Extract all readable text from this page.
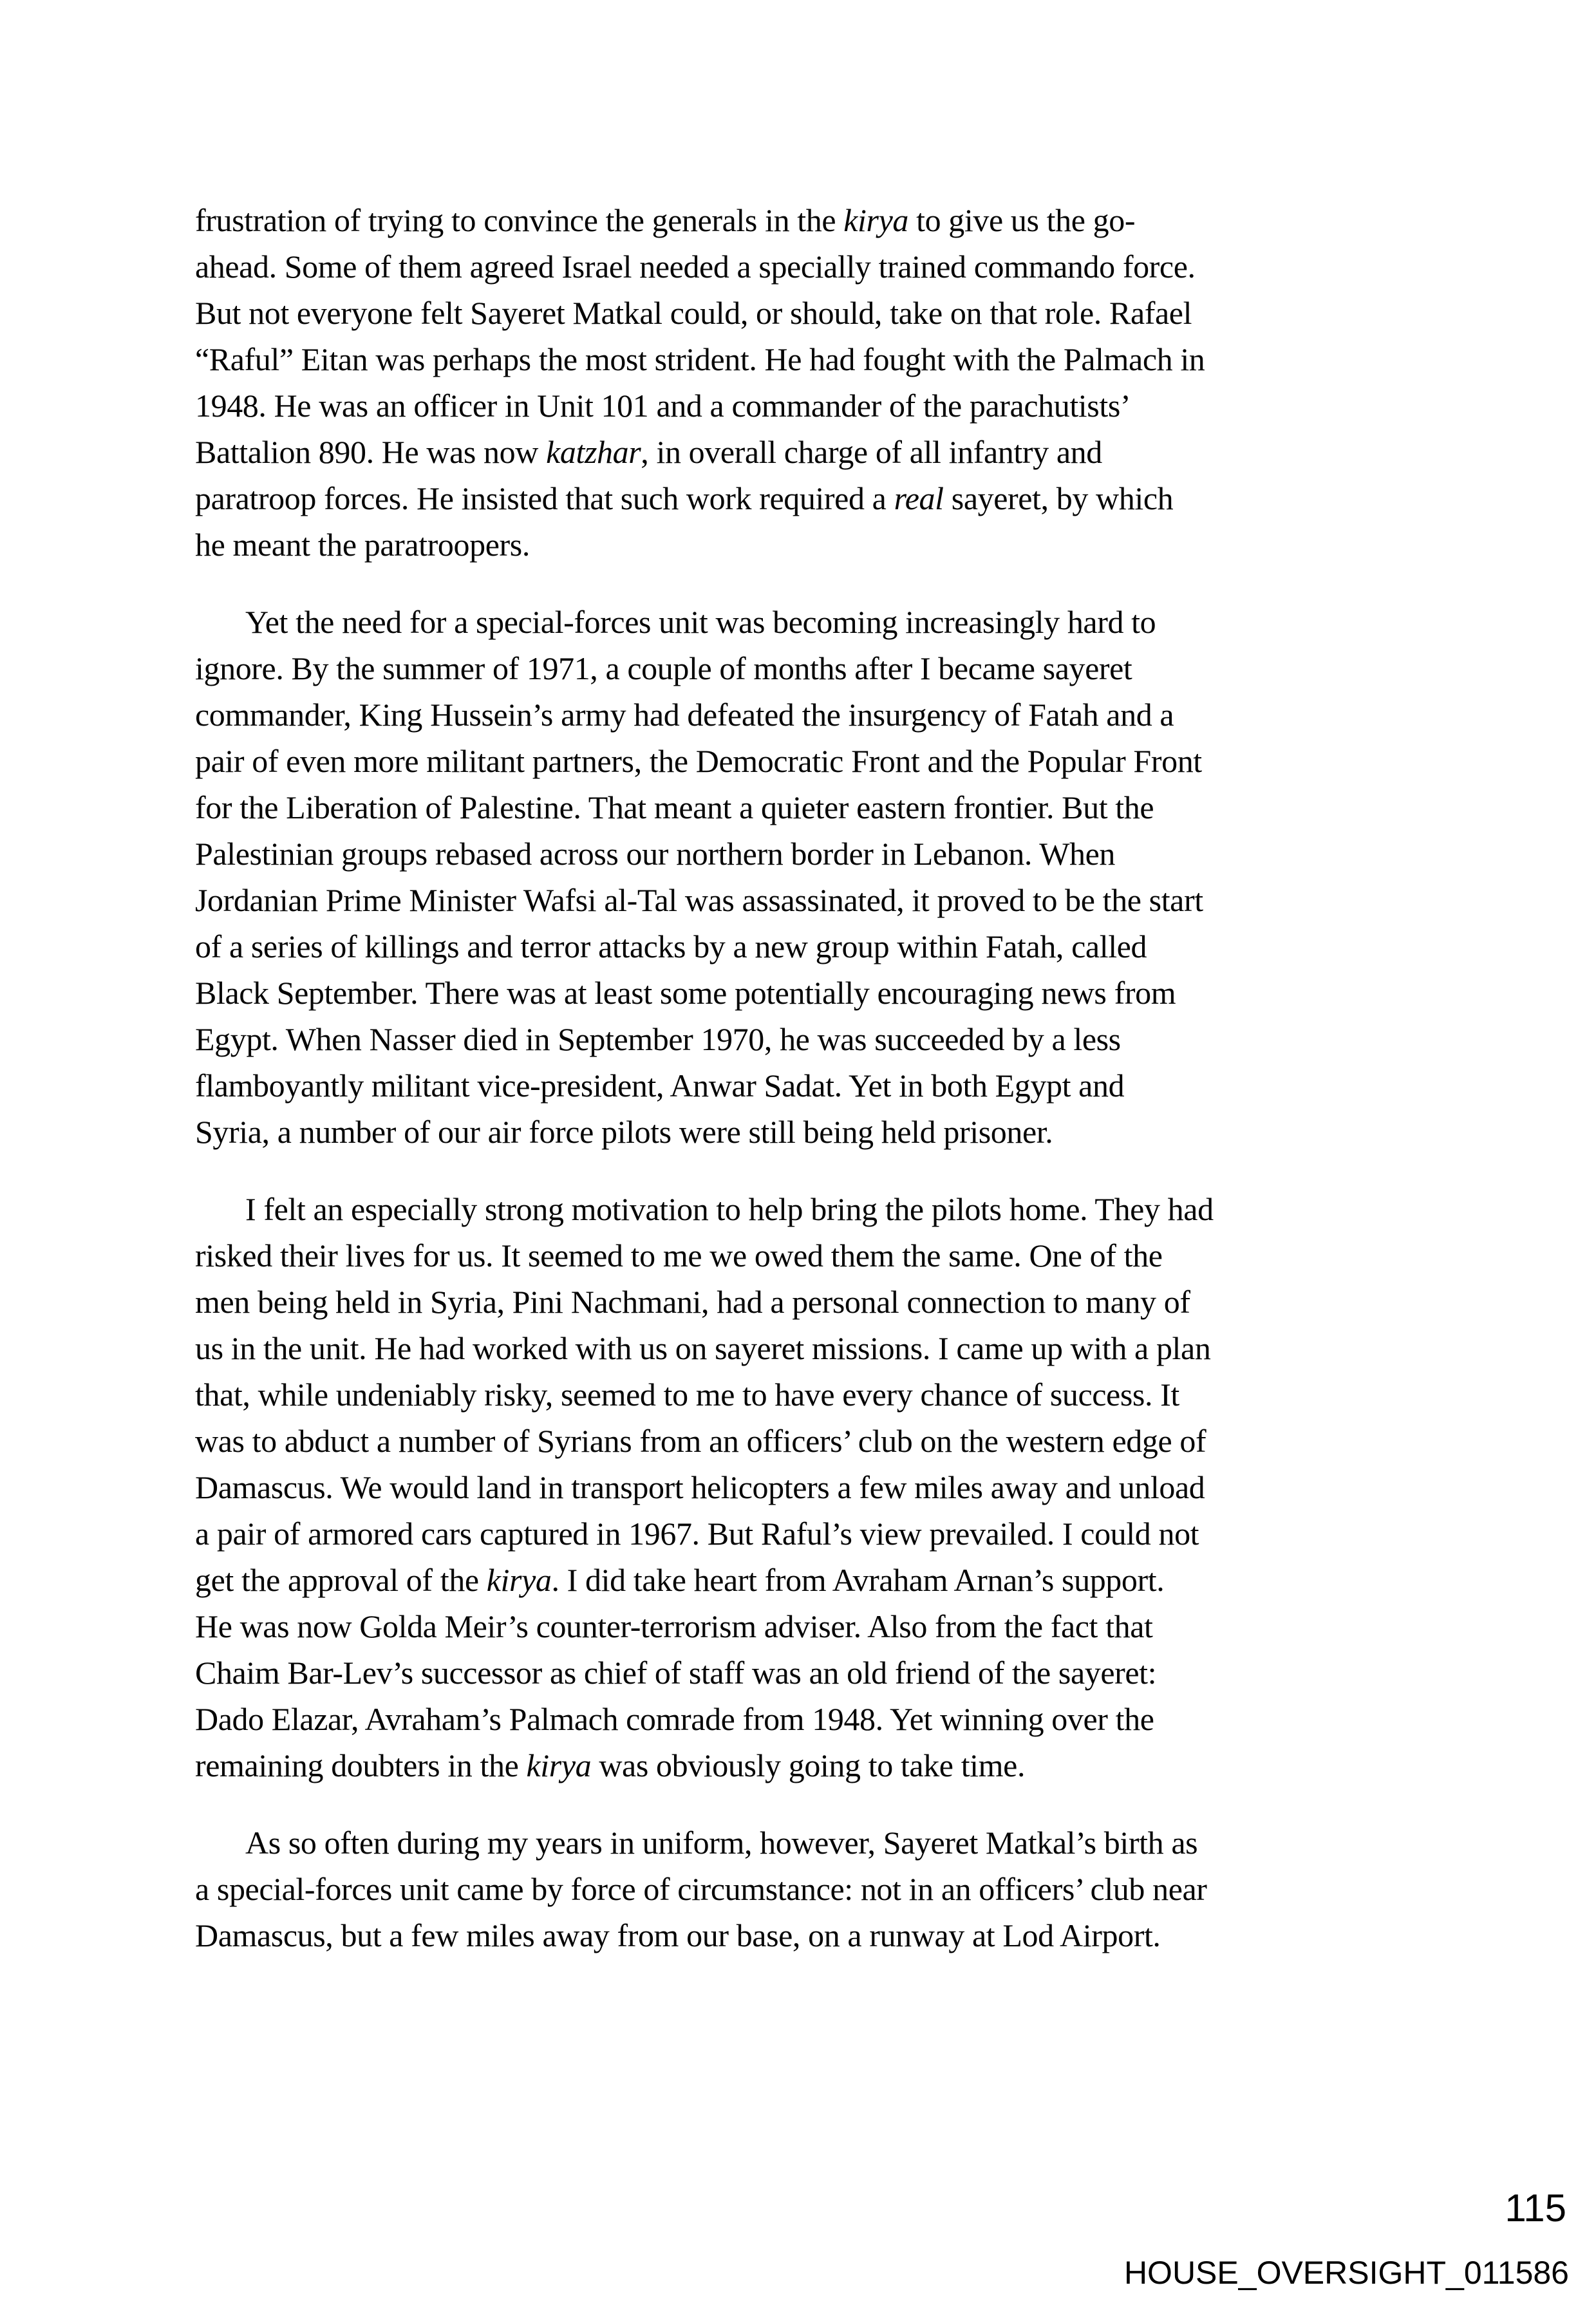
frustration of trying to convince the generals in the kirya to give us the go-
ahead. Some of them agreed Israel needed a specially trained commando force.
But not everyone felt Sayeret Matkal could, or should, take on that role. Rafael
“Raful” Eitan was perhaps the most strident. He had fought with the Palmach in
1948. He was an officer in Unit 101 and a commander of the parachutists’
Battalion 890. He was now katzhar, in overall charge of all infantry and
paratroop forces. He insisted that such work required a real sayeret, by which
he meant the paratroopers.
Yet the need for a special-forces unit was becoming increasingly hard to
ignore. By the summer of 1971, a couple of months after I became sayeret
commander, King Hussein’s army had defeated the insurgency of Fatah and a
pair of even more militant partners, the Democratic Front and the Popular Front
for the Liberation of Palestine. That meant a quieter eastern frontier. But the
Palestinian groups rebased across our northern border in Lebanon. When
Jordanian Prime Minister Wafsi al-Tal was assassinated, it proved to be the start
of a series of killings and terror attacks by a new group within Fatah, called
Black September. There was at least some potentially encouraging news from
Egypt. When Nasser died in September 1970, he was succeeded by a less
flamboyantly militant vice-president, Anwar Sadat. Yet in both Egypt and
Syria, a number of our air force pilots were still being held prisoner.
I felt an especially strong motivation to help bring the pilots home. They had
risked their lives for us. It seemed to me we owed them the same. One of the
men being held in Syria, Pini Nachmani, had a personal connection to many of
us in the unit. He had worked with us on sayeret missions. I came up with a plan
that, while undeniably risky, seemed to me to have every chance of success. It
was to abduct a number of Syrians from an officers’ club on the western edge of
Damascus. We would land in transport helicopters a few miles away and unload
a pair of armored cars captured in 1967. But Raful’s view prevailed. I could not
get the approval of the kirya. I did take heart from Avraham Arnan’s support.
He was now Golda Meir’s counter-terrorism adviser. Also from the fact that
Chaim Bar-Lev’s successor as chief of staff was an old friend of the sayeret:
Dado Elazar, Avraham’s Palmach comrade from 1948. Yet winning over the
remaining doubters in the kirya was obviously going to take time.
As so often during my years in uniform, however, Sayeret Matkal’s birth as
a special-forces unit came by force of circumstance: not in an officers’ club near
Damascus, but a few miles away from our base, on a runway at Lod Airport.
115
HOUSE_OVERSIGHT_011586
